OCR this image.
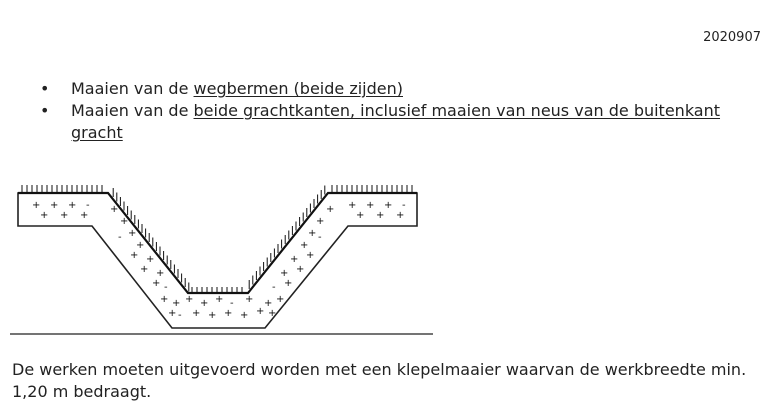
2020907
• Maaien van de wegbermen (beide zijden)
• Maaien van de beide grachtkanten, inclusief maaien van neus van de buitenkant gracht
+ + + -
+ + +
+ + + -
+ + +
+
+
+
-
+
+ +
+ +
+ -
+ +
+
+
+
+ -
+
+
+
+
+
+
-
+
+
+
+ + + - +
+ + + + +
-

De werken moeten uitgevoerd worden met een klepelmaaier waarvan de werkbreedte min. 1,20 m bedraagt.
